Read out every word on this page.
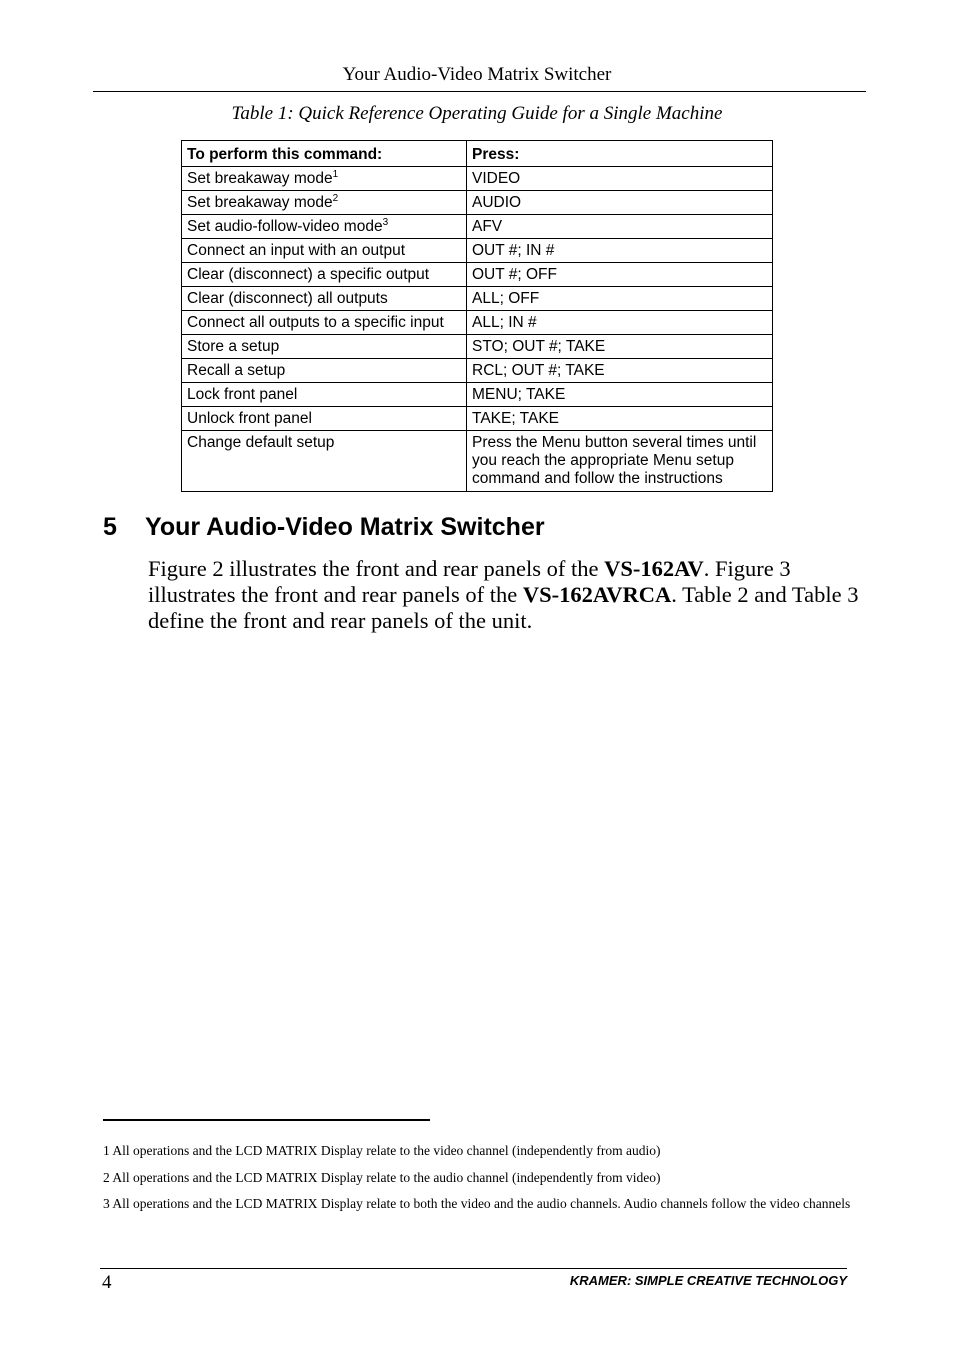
Your Audio-Video Matrix Switcher
Table 1: Quick Reference Operating Guide for a Single Machine
To perform this command:	Press:
Set breakaway mode$^1$	VIDEO
Set breakaway mode$^2$	AUDIO
Set audio-follow-video mode$^3$	AFV
Connect an input with an output	OUT #; IN #
Clear (disconnect) a specific output	OUT #; OFF
Clear (disconnect) all outputs	ALL; OFF
Connect all outputs to a specific input	ALL; IN #
Store a setup	STO; OUT #; TAKE
Recall a setup	RCL; OUT #; TAKE
Lock front panel	MENU; TAKE
Unlock front panel	TAKE; TAKE
Change default setup	Press the Menu button several times until you reach the appropriate Menu setup command and follow the instructions
5 Your Audio-Video Matrix Switcher
Figure 2 illustrates the front and rear panels of the VS-162AV. Figure 3 illustrates the front and rear panels of the VS-162AVRCA. Table 2 and Table 3 define the front and rear panels of the unit.

1 All operations and the LCD MATRIX Display relate to the video channel (independently from audio)

2 All operations and the LCD MATRIX Display relate to the audio channel (independently from video)

3 All operations and the LCD MATRIX Display relate to both the video and the audio channels. Audio channels follow the video channels

4	KRAMER: SIMPLE CREATIVE TECHNOLOGY
